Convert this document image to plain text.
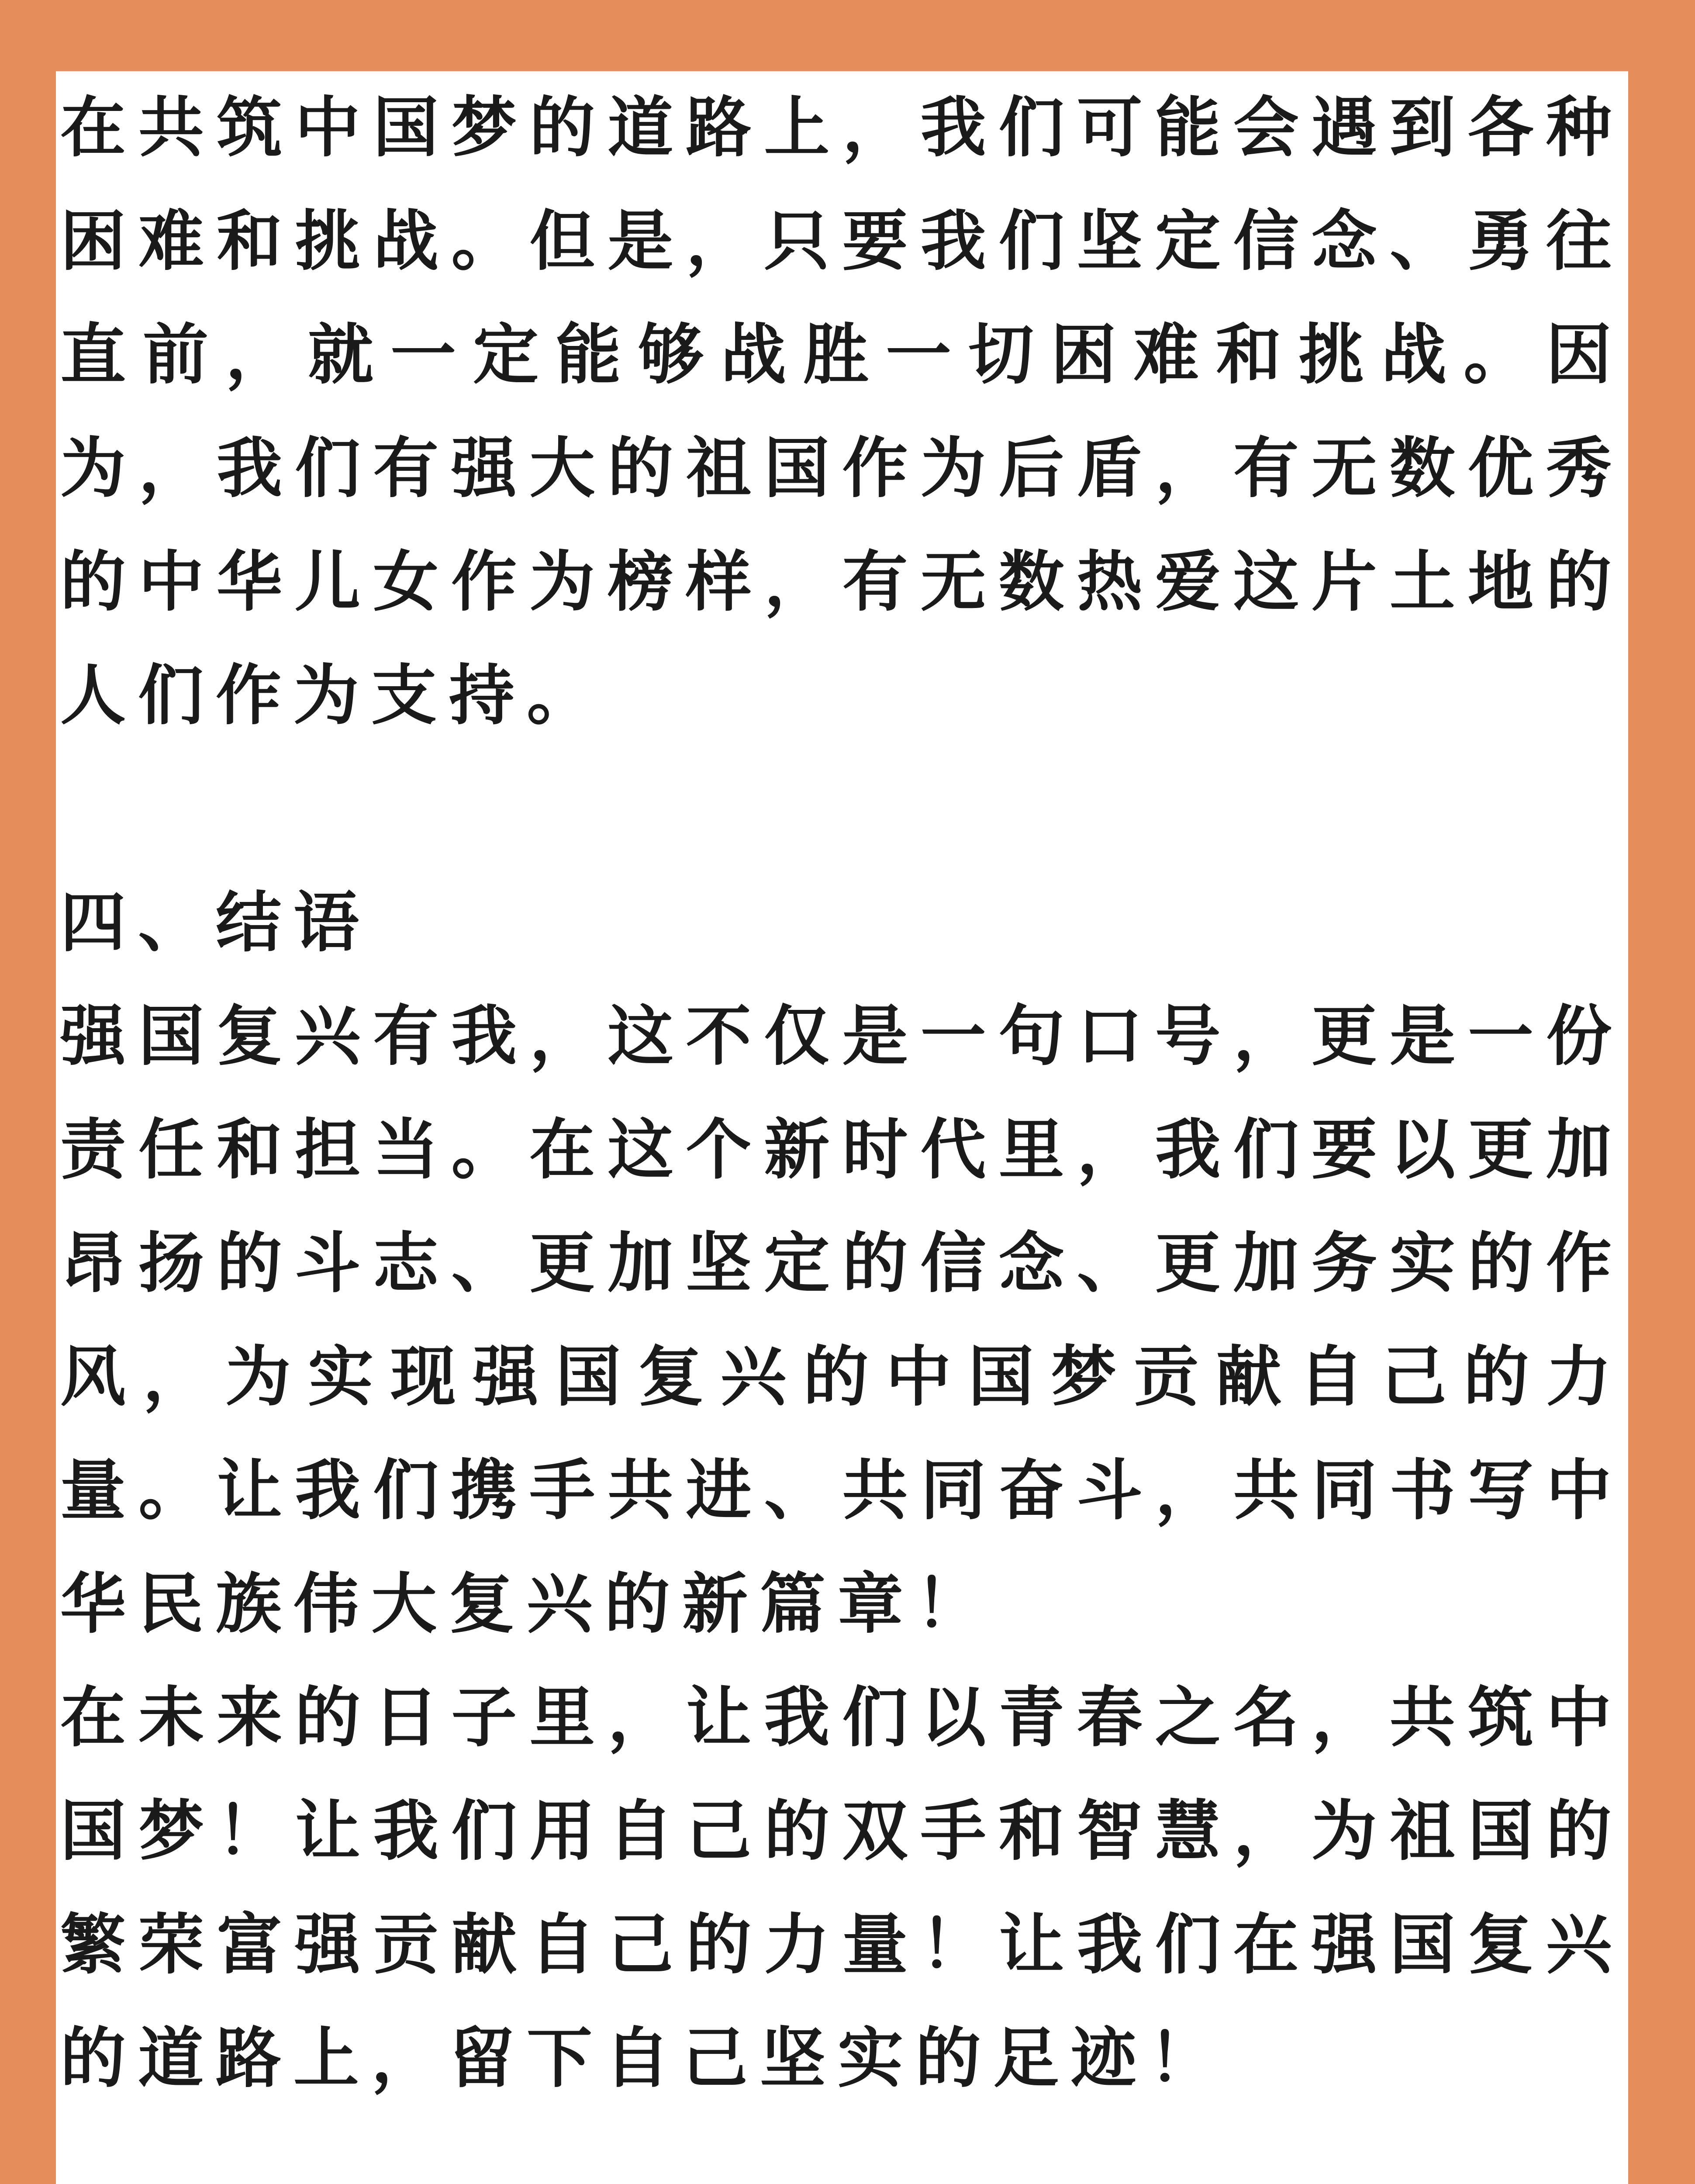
在共筑中国梦的道路上，我们可能会遇到各种困难和挑战。但是，只要我们坚定信念、勇往直前，就一定能够战胜一切困难和挑战。因为，我们有强大的祖国作为后盾，有无数优秀的中华儿女作为榜样，有无数热爱这片土地的人们作为支持。

四、结语

强国复兴有我，这不仅是一句口号，更是一份责任和担当。在这个新时代里，我们要以更加昂扬的斗志、更加坚定的信念、更加务实的作风，为实现强国复兴的中国梦贡献自己的力量。让我们携手共进、共同奋斗，共同书写中华民族伟大复兴的新篇章！

在未来的日子里，让我们以青春之名，共筑中国梦！让我们用自己的双手和智慧，为祖国的繁荣富强贡献自己的力量！让我们在强国复兴的道路上，留下自己坚实的足迹！
